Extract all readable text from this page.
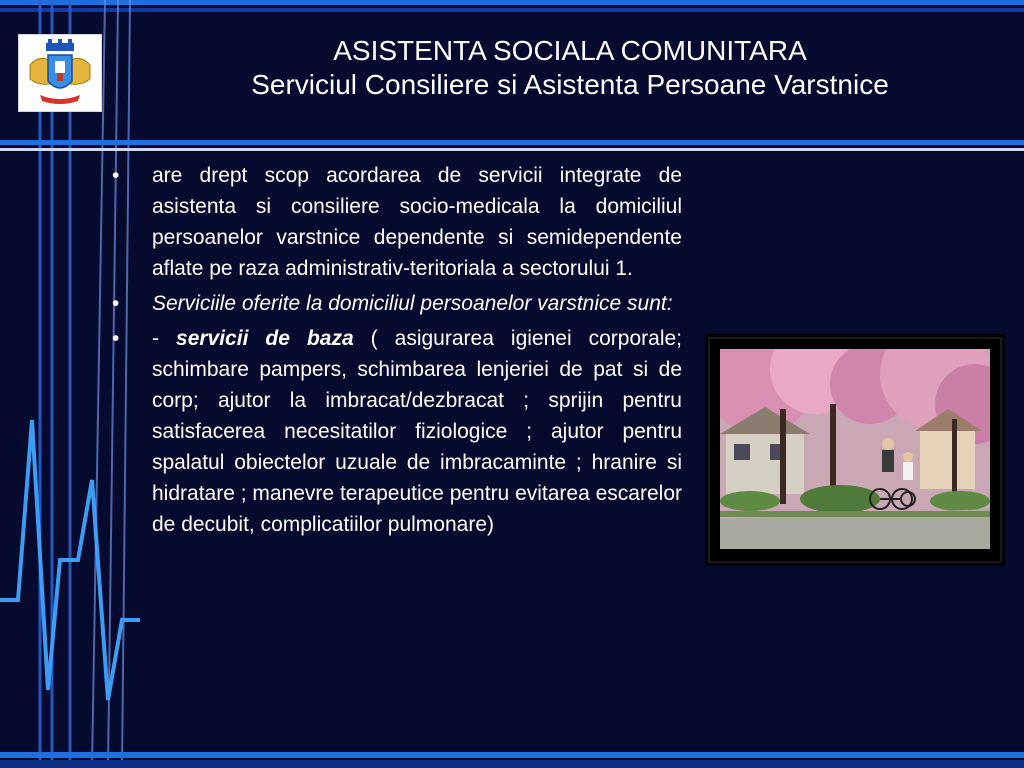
ASISTENTA SOCIALA COMUNITARA
Serviciul Consiliere si Asistenta Persoane Varstnice
• are drept scop acordarea de servicii integrate de asistenta si consiliere socio-medicala la domiciliul persoanelor varstnice dependente si semidependente aflate pe raza administrativ-teritoriala a sectorului 1.
• Serviciile oferite la domiciliul persoanelor varstnice sunt:
• - servicii de baza ( asigurarea igienei corporale; schimbare pampers, schimbarea lenjeriei de pat si de corp; ajutor la imbracat/dezbracat ; sprijin pentru satisfacerea necesitatilor fiziologice ; ajutor pentru spalatul obiectelor uzuale de imbracaminte ; hranire si hidratare ; manevre terapeutice pentru evitarea escarelor de decubit, complicatiilor pulmonare)
